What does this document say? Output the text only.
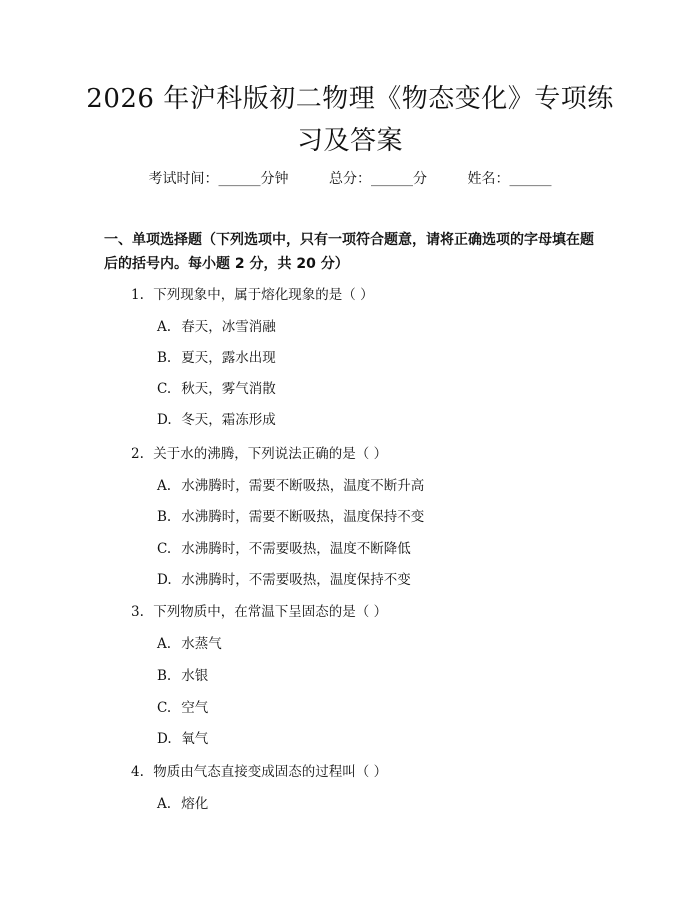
2026 年沪科版初二物理《物态变化》专项练
习及答案
考试时间：______分钟	总分：______分	姓名：______
一、单项选择题（下列选项中，只有一项符合题意，请将正确选项的字母填在题
后的括号内。每小题 2 分，共 20 分）
1. 下列现象中，属于熔化现象的是（ ）
A. 春天，冰雪消融
B. 夏天，露水出现
C. 秋天，雾气消散
D. 冬天，霜冻形成
2. 关于水的沸腾，下列说法正确的是（ ）
A. 水沸腾时，需要不断吸热，温度不断升高
B. 水沸腾时，需要不断吸热，温度保持不变
C. 水沸腾时，不需要吸热，温度不断降低
D. 水沸腾时，不需要吸热，温度保持不变
3. 下列物质中，在常温下呈固态的是（ ）
A. 水蒸气
B. 水银
C. 空气
D. 氧气
4. 物质由气态直接变成固态的过程叫（ ）
A. 熔化
